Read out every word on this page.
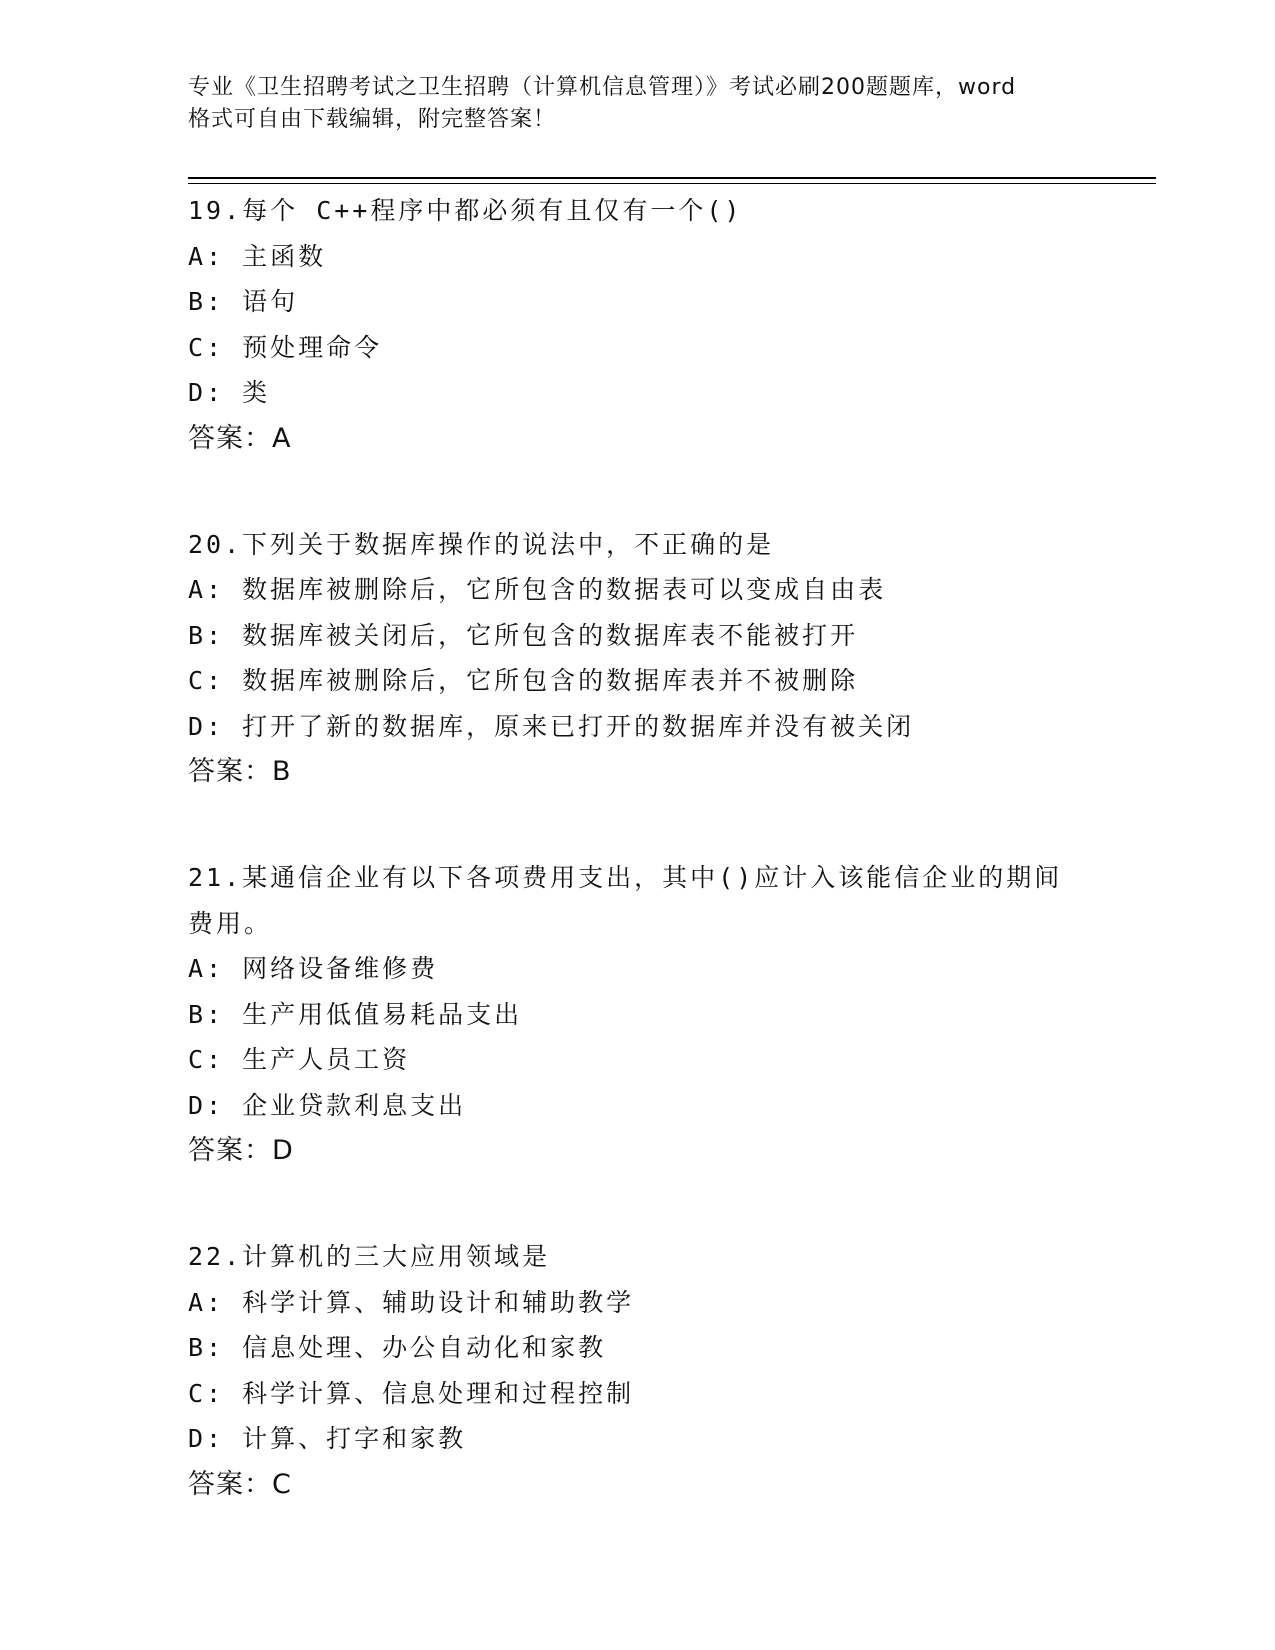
专业《卫生招聘考试之卫生招聘（计算机信息管理）》考试必刷200题题库，word
格式可自由下载编辑，附完整答案！

19.每个 C++程序中都必须有且仅有一个()

A: 主函数

B: 语句

C: 预处理命令

D: 类

答案：A

20.下列关于数据库操作的说法中，不正确的是

A: 数据库被删除后，它所包含的数据表可以变成自由表

B: 数据库被关闭后，它所包含的数据库表不能被打开

C: 数据库被删除后，它所包含的数据库表并不被删除

D: 打开了新的数据库，原来已打开的数据库并没有被关闭

答案：B

21.某通信企业有以下各项费用支出，其中()应计入该能信企业的期间费用。

A: 网络设备维修费

B: 生产用低值易耗品支出

C: 生产人员工资

D: 企业贷款利息支出

答案：D

22.计算机的三大应用领域是

A: 科学计算、辅助设计和辅助教学

B: 信息处理、办公自动化和家教

C: 科学计算、信息处理和过程控制

D: 计算、打字和家教

答案：C
